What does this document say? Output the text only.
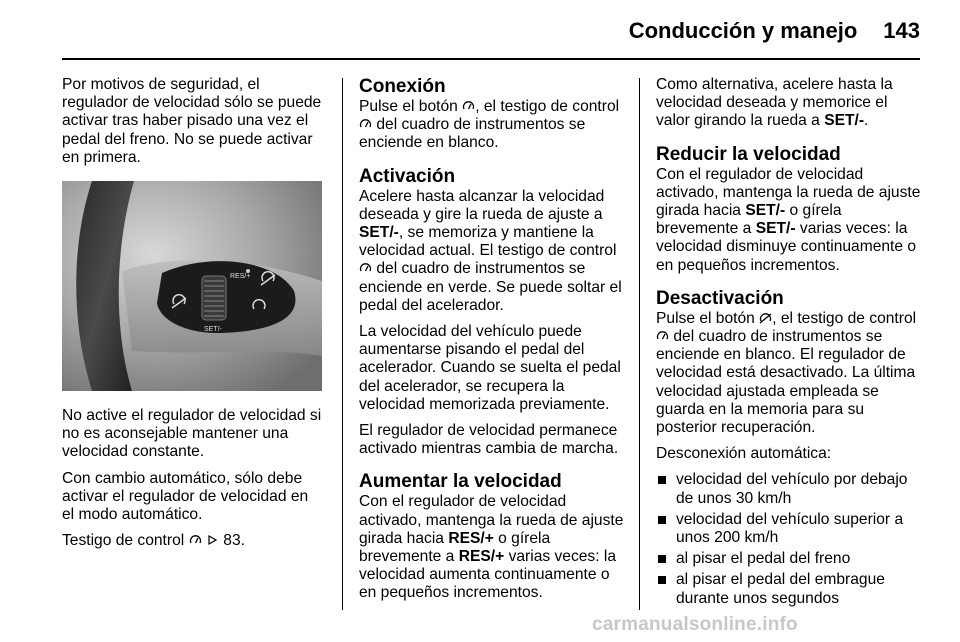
Conducción y manejo 143

Por motivos de seguridad, el regulador de velocidad sólo se puede activar tras haber pisado una vez el pedal del freno. No se puede activar en primera.

RES/+
SET/-

No active el regulador de velocidad si no es aconsejable mantener una velocidad constante.

Con cambio automático, sólo debe activar el regulador de velocidad en el modo automático.

Testigo de control	83.

Conexión

Pulse el botón , el testigo de control  del cuadro de instrumentos se enciende en blanco.

Activación

Acelere hasta alcanzar la velocidad deseada y gire la rueda de ajuste a SET/-, se memoriza y mantiene la velocidad actual. El testigo de control  del cuadro de instrumentos se enciende en verde. Se puede soltar el pedal del acelerador.

La velocidad del vehículo puede aumentarse pisando el pedal del acelerador. Cuando se suelta el pedal del acelerador, se recupera la velocidad memorizada previamente.

El regulador de velocidad permanece activado mientras cambia de marcha.

Aumentar la velocidad

Con el regulador de velocidad activado, mantenga la rueda de ajuste girada hacia RES/+ o gírela brevemente a RES/+ varias veces: la velocidad aumenta continuamente o en pequeños incrementos.

Como alternativa, acelere hasta la velocidad deseada y memorice el valor girando la rueda a SET/-.

Reducir la velocidad

Con el regulador de velocidad activado, mantenga la rueda de ajuste girada hacia SET/- o gírela brevemente a SET/- varias veces: la velocidad disminuye continuamente o en pequeños incrementos.

Desactivación

Pulse el botón , el testigo de control  del cuadro de instrumentos se enciende en blanco. El regulador de velocidad está desactivado. La última velocidad ajustada empleada se guarda en la memoria para su posterior recuperación.

Desconexión automática:

velocidad del vehículo por debajo de unos 30 km/h
velocidad del vehículo superior a unos 200 km/h
al pisar el pedal del freno
al pisar el pedal del embrague durante unos segundos
carmanualsonline.info
